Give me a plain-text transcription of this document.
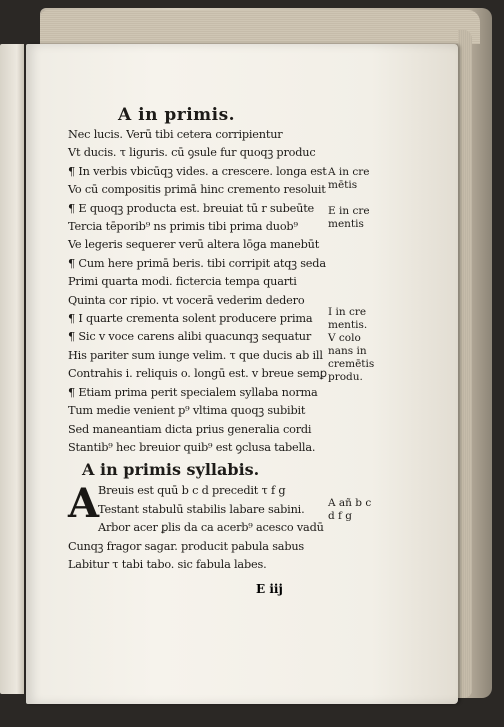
A in primis.
Nec lucis. Verū tibi cetera corripientur
Vt ducis. τ liguris. cū ꝯsule fur quoqꝫ produc
¶ In verbis vbicūqꝫ vides. a crescere. longa est
Vo cū compositis primā hinc cremento resoluit
¶ E quoqꝫ producta est. breuiat tū r subeūte
Tercia tēporib⁹ ns primis tibi prima duob⁹
Ve legeris sequerer verū altera lōga manebūt
¶ Cum here primā beris. tibi corripit atqꝫ seda
Primi quarta modi. fictercia tempa quarti
Quinta cor ripio. vt vocerā vederim dedero
¶ I quarte crementa solent producere prima
¶ Sic v voce carens alibi quacunqꝫ sequatur
His pariter sum iunge velim. τ que ducis ab ill
Contrahis i. reliquis o. longū est. v breue semꝑ
¶ Etiam prima perit specialem syllaba norma
Tum medie venient p⁹ vltima quoqꝫ subibit
Sed maneantiam dicta prius generalia cordi
Stantib⁹ hec breuior quib⁹ est ꝯclusa tabella.
A in primis syllabis.
A
Breuis est quū b c d precedit τ f g
Testant stabulū stabilis labare sabini.
Arbor acer ꝑlis da ca acerb⁹ acesco vadū
Cunqꝫ fragor sagar. producit pabula sabus
Labitur τ tabi tabo. sic fabula labes.
E iij
A in cre mētis
E in cre mentis
I in cre mentis. V colo nans in cremētis produ.
A añ b c d f g
